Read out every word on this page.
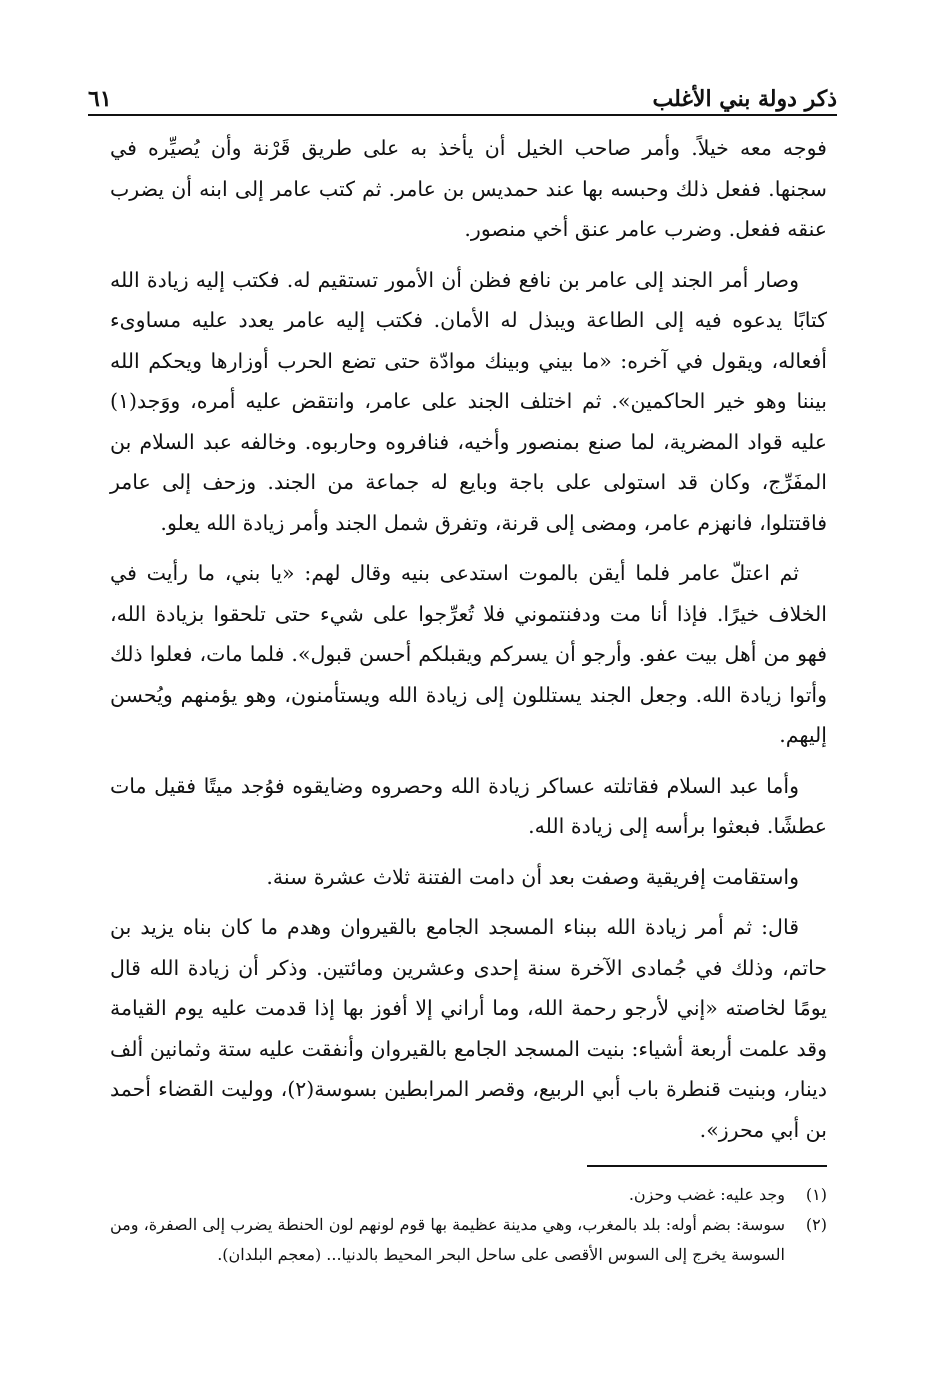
ذكر دولة بني الأغلب
٦١

فوجه معه خيلاً. وأمر صاحب الخيل أن يأخذ به على طريق قَرْنة وأن يُصيِّره في سجنها. ففعل ذلك وحبسه بها عند حمديس بن عامر. ثم كتب عامر إلى ابنه أن يضرب عنقه ففعل. وضرب عامر عنق أخي منصور.

وصار أمر الجند إلى عامر بن نافع فظن أن الأمور تستقيم له. فكتب إليه زيادة الله كتابًا يدعوه فيه إلى الطاعة ويبذل له الأمان. فكتب إليه عامر يعدد عليه مساوىء أفعاله، ويقول في آخره: «ما بيني وبينك موادّة حتى تضع الحرب أوزارها ويحكم الله بيننا وهو خير الحاكمين». ثم اختلف الجند على عامر، وانتقض عليه أمره، ووَجد(١) عليه قواد المضرية، لما صنع بمنصور وأخيه، فنافروه وحاربوه. وخالفه عبد السلام بن المفَرِّج، وكان قد استولى على باجة وبايع له جماعة من الجند. وزحف إلى عامر فاقتتلوا، فانهزم عامر، ومضى إلى قرنة، وتفرق شمل الجند وأمر زيادة الله يعلو.

ثم اعتلّ عامر فلما أيقن بالموت استدعى بنيه وقال لهم: «يا بني، ما رأيت في الخلاف خيرًا. فإذا أنا مت ودفنتموني فلا تُعرِّجوا على شيء حتى تلحقوا بزيادة الله، فهو من أهل بيت عفو. وأرجو أن يسركم ويقبلكم أحسن قبول». فلما مات، فعلوا ذلك وأتوا زيادة الله. وجعل الجند يستللون إلى زيادة الله ويستأمنون، وهو يؤمنهم ويُحسن إليهم.

وأما عبد السلام فقاتلته عساكر زيادة الله وحصروه وضايقوه فوُجد ميتًا فقيل مات عطشًا. فبعثوا برأسه إلى زيادة الله.

واستقامت إفريقية وصفت بعد أن دامت الفتنة ثلاث عشرة سنة.

قال: ثم أمر زيادة الله ببناء المسجد الجامع بالقيروان وهدم ما كان بناه يزيد بن حاتم، وذلك في جُمادى الآخرة سنة إحدى وعشرين ومائتين. وذكر أن زيادة الله قال يومًا لخاصته «إني لأرجو رحمة الله، وما أراني إلا أفوز بها إذا قدمت عليه يوم القيامة وقد علمت أربعة أشياء: بنيت المسجد الجامع بالقيروان وأنفقت عليه ستة وثمانين ألف دينار، وبنيت قنطرة باب أبي الربيع، وقصر المرابطين بسوسة(٢)، ووليت القضاء أحمد بن أبي محرز».

(١)
وجد عليه: غضب وحزن.
(٢)
سوسة: بضم أوله: بلد بالمغرب، وهي مدينة عظيمة بها قوم لونهم لون الحنطة يضرب إلى الصفرة، ومن السوسة يخرج إلى السوس الأقصى على ساحل البحر المحيط بالدنيا... (معجم البلدان).
